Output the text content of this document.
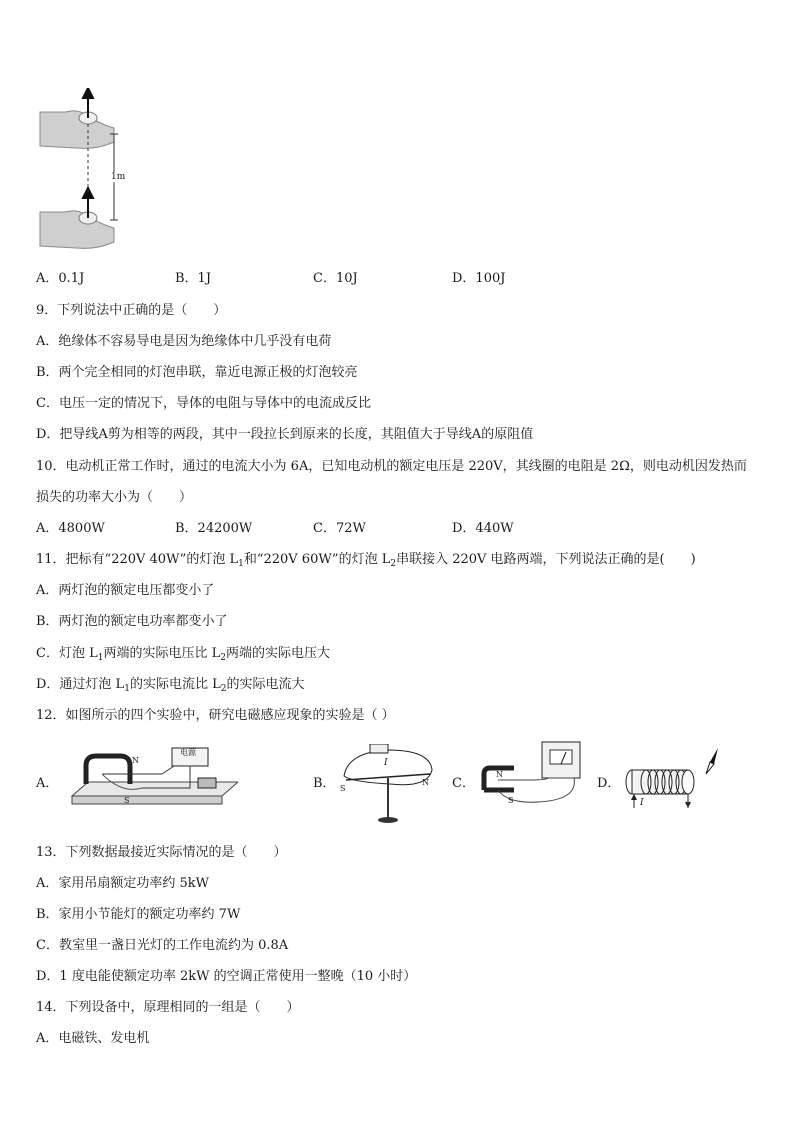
1m
A．0.1J	B．1J	C．10J	D．100J
9．下列说法中正确的是（　　）
A．绝缘体不容易导电是因为绝缘体中几乎没有电荷
B．两个完全相同的灯泡串联，靠近电源正极的灯泡较亮
C．电压一定的情况下，导体的电阻与导体中的电流成反比
D．把导线A剪为相等的两段，其中一段拉长到原来的长度，其阻值大于导线A的原阻值
10．电动机正常工作时，通过的电流大小为 6A，已知电动机的额定电压是 220V，其线圈的电阻是 2Ω，则电动机因发热而损失的功率大小为（　　）
A．4800W	B．24200W	C．72W	D．440W
11．把标有“220V 40W”的灯泡 $L_1$和“220V 60W”的灯泡 $L_2$串联接入 220V 电路两端，下列说法正确的是(　　)
A．两灯泡的额定电压都变小了
B．两灯泡的额定电功率都变小了
C．灯泡 $L_1$两端的实际电压比 $L_2$两端的实际电压大
D．通过灯泡 $L_1$的实际电流比 $L_2$的实际电流大
12．如图所示的四个实验中，研究电磁感应现象的实验是（ ）
A．
电源
N
S
B． S
N
I
C．
N
S
D．
I
13．下列数据最接近实际情况的是（　　）
A．家用吊扇额定功率约 5kW
B．家用小节能灯的额定功率约 7W
C．教室里一盏日光灯的工作电流约为 0.8A
D．1 度电能使额定功率 2kW 的空调正常使用一整晚（10 小时）
14．下列设备中，原理相同的一组是（　　）
A．电磁铁、发电机
